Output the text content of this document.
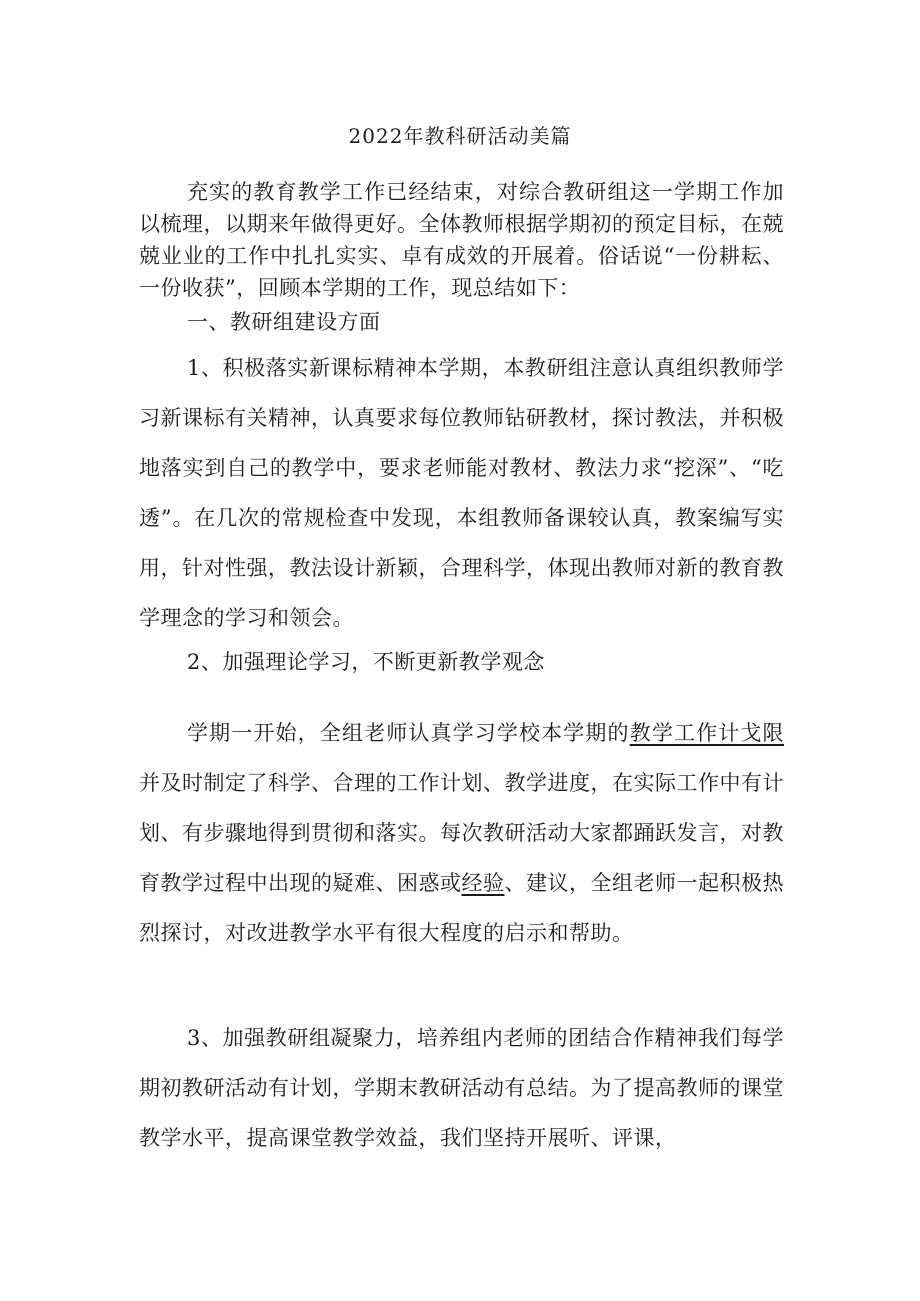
2022年教科研活动美篇

充实的教育教学工作已经结束，对综合教研组这一学期工作加以梳理，以期来年做得更好。全体教师根据学期初的预定目标，在兢兢业业的工作中扎扎实实、卓有成效的开展着。俗话说“一份耕耘、一份收获”，回顾本学期的工作，现总结如下：

一、教研组建设方面

1、积极落实新课标精神本学期，本教研组注意认真组织教师学习新课标有关精神，认真要求每位教师钻研教材，探讨教法，并积极地落实到自己的教学中，要求老师能对教材、教法力求“挖深”、“吃透”。在几次的常规检查中发现，本组教师备课较认真，教案编写实用，针对性强，教法设计新颖，合理科学，体现出教师对新的教育教学理念的学习和领会。

2、加强理论学习，不断更新教学观念

学期一开始，全组老师认真学习学校本学期的教学工作计戈限并及时制定了科学、合理的工作计划、教学进度，在实际工作中有计划、有步骤地得到贯彻和落实。每次教研活动大家都踊跃发言，对教育教学过程中出现的疑难、困惑或经验、建议，全组老师一起积极热烈探讨，对改进教学水平有很大程度的启示和帮助。

3、加强教研组凝聚力，培养组内老师的团结合作精神我们每学期初教研活动有计划，学期末教研活动有总结。为了提高教师的课堂教学水平，提高课堂教学效益，我们坚持开展听、评课，
